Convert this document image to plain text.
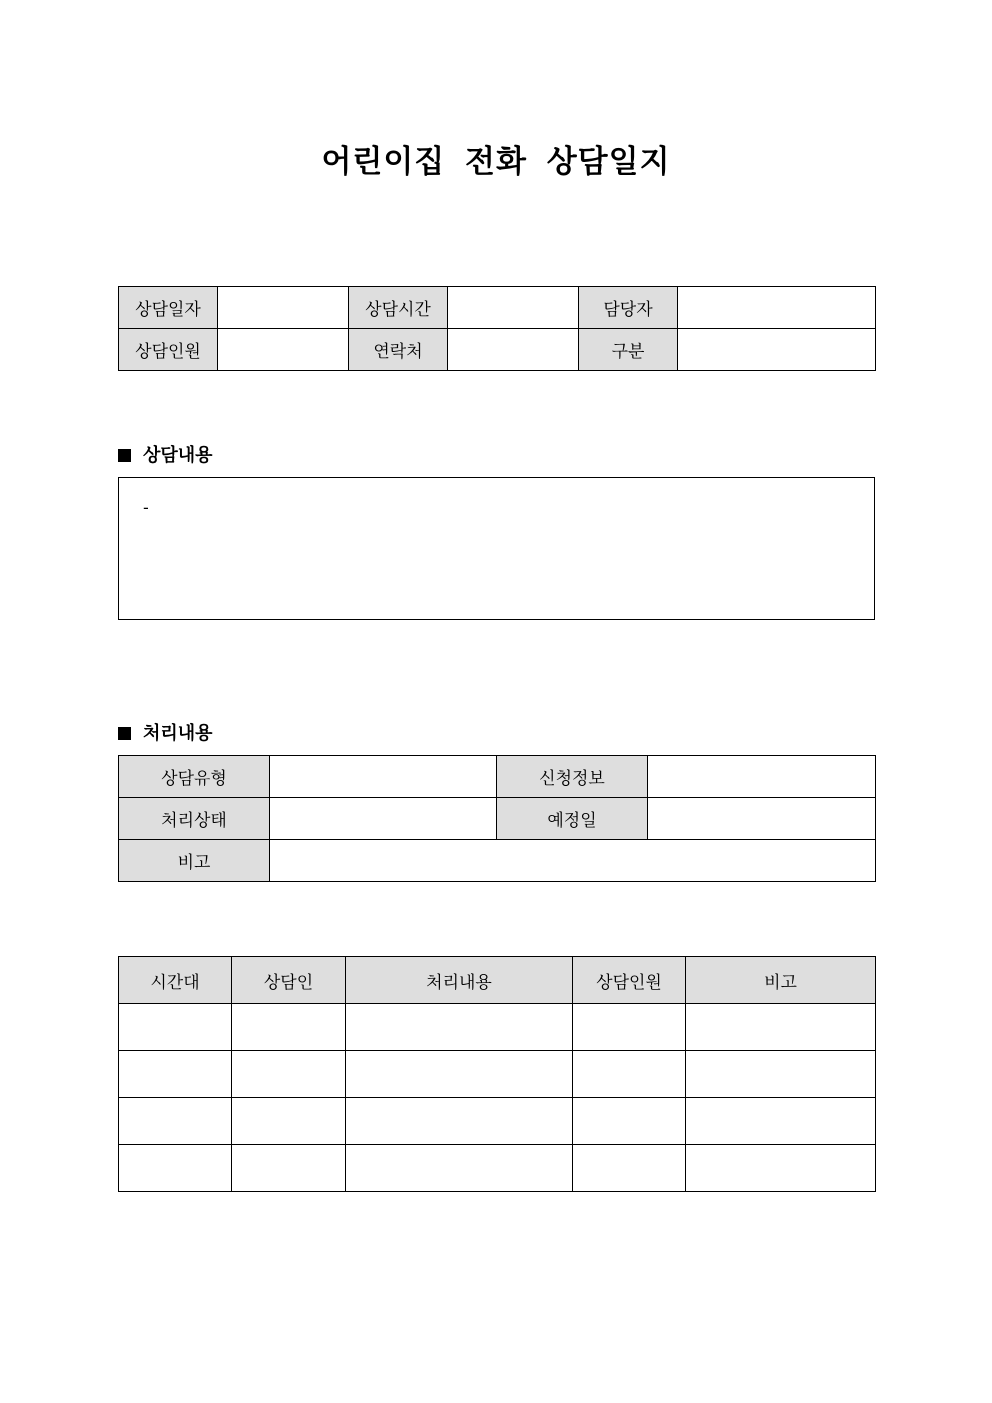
어린이집 전화 상담일지
상담일자		상담시간		담당자	
상담인원		연락처		구분	
상담내용
-
처리내용
상담유형		신청정보	
처리상태		예정일	
비고			
시간대	상담인	처리내용	상담인원	비고
